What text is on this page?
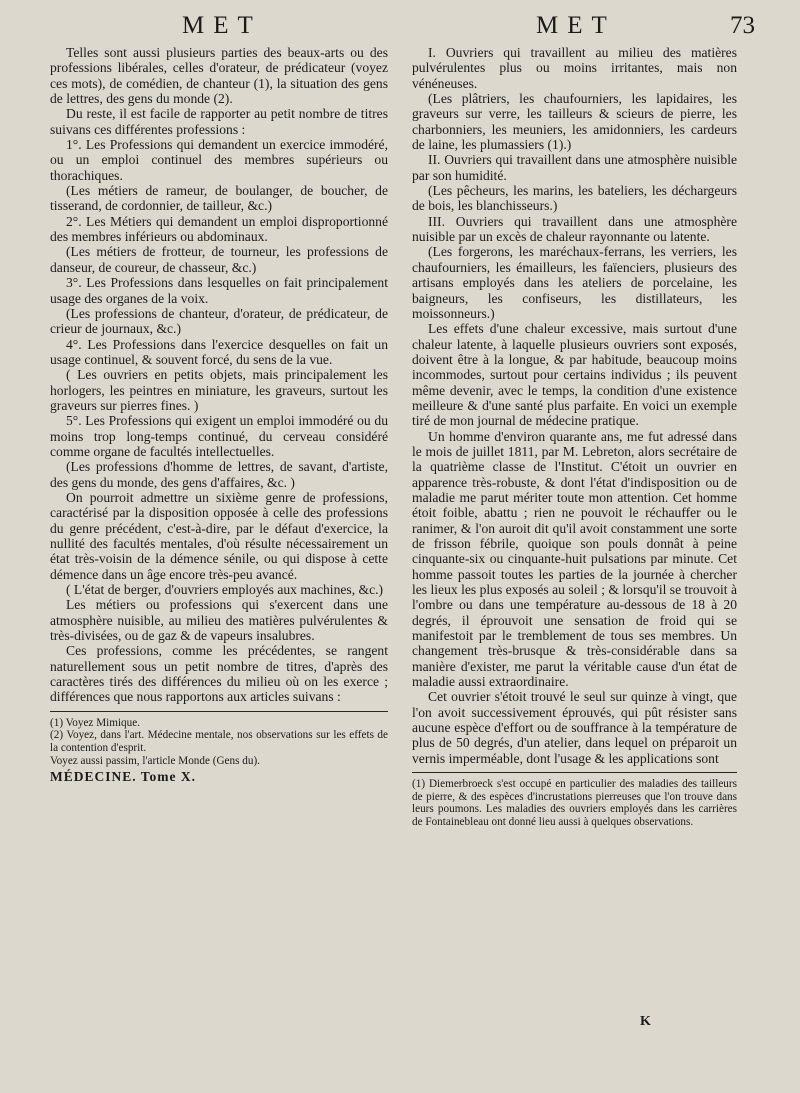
MET	MET	73

Telles sont aussi plusieurs parties des beaux-arts ou des professions libérales, celles d'orateur, de prédicateur (voyez ces mots), de comédien, de chanteur (1), la situation des gens de lettres, des gens du monde (2).

Du reste, il est facile de rapporter au petit nombre de titres suivans ces différentes professions :

1°. Les Professions qui demandent un exercice immodéré, ou un emploi continuel des membres supérieurs ou thorachiques.

(Les métiers de rameur, de boulanger, de boucher, de tisserand, de cordonnier, de tailleur, &c.)

2°. Les Métiers qui demandent un emploi disproportionné des membres inférieurs ou abdominaux.

(Les métiers de frotteur, de tourneur, les professions de danseur, de coureur, de chasseur, &c.)

3°. Les Professions dans lesquelles on fait principalement usage des organes de la voix.

(Les professions de chanteur, d'orateur, de prédicateur, de crieur de journaux, &c.)

4°. Les Professions dans l'exercice desquelles on fait un usage continuel, & souvent forcé, du sens de la vue.

( Les ouvriers en petits objets, mais principalement les horlogers, les peintres en miniature, les graveurs, surtout les graveurs sur pierres fines. )

5°. Les Professions qui exigent un emploi immodéré ou du moins trop long-temps continué, du cerveau considéré comme organe de facultés intellectuelles.

(Les professions d'homme de lettres, de savant, d'artiste, des gens du monde, des gens d'affaires, &c. )

On pourroit admettre un sixième genre de professions, caractérisé par la disposition opposée à celle des professions du genre précédent, c'est-à-dire, par le défaut d'exercice, la nullité des facultés mentales, d'où résulte nécessairement un état très-voisin de la démence sénile, ou qui dispose à cette démence dans un âge encore très-peu avancé.

( L'état de berger, d'ouvriers employés aux machines, &c.)

Les métiers ou professions qui s'exercent dans une atmosphère nuisible, au milieu des matières pulvérulentes & très-divisées, ou de gaz & de vapeurs insalubres.

Ces professions, comme les précédentes, se rangent naturellement sous un petit nombre de titres, d'après des caractères tirés des différences du milieu où on les exerce ; différences que nous rapportons aux articles suivans :

(1) Voyez Mimique.

(2) Voyez, dans l'art. Médecine mentale, nos observations sur les effets de la contention d'esprit.

Voyez aussi passim, l'article Monde (Gens du).

MÉDECINE. Tome X.

I. Ouvriers qui travaillent au milieu des matières pulvérulentes plus ou moins irritantes, mais non vénéneuses.

(Les plâtriers, les chaufourniers, les lapidaires, les graveurs sur verre, les tailleurs & scieurs de pierre, les charbonniers, les meuniers, les amidonniers, les cardeurs de laine, les plumassiers (1).)

II. Ouvriers qui travaillent dans une atmosphère nuisible par son humidité.

(Les pêcheurs, les marins, les bateliers, les déchargeurs de bois, les blanchisseurs.)

III. Ouvriers qui travaillent dans une atmosphère nuisible par un excès de chaleur rayonnante ou latente.

(Les forgerons, les maréchaux-ferrans, les verriers, les chaufourniers, les émailleurs, les faïenciers, plusieurs des artisans employés dans les ateliers de porcelaine, les baigneurs, les confiseurs, les distillateurs, les moissonneurs.)

Les effets d'une chaleur excessive, mais surtout d'une chaleur latente, à laquelle plusieurs ouvriers sont exposés, doivent être à la longue, & par habitude, beaucoup moins incommodes, surtout pour certains individus ; ils peuvent même devenir, avec le temps, la condition d'une existence meilleure & d'une santé plus parfaite. En voici un exemple tiré de mon journal de médecine pratique.

Un homme d'environ quarante ans, me fut adressé dans le mois de juillet 1811, par M. Lebreton, alors secrétaire de la quatrième classe de l'Institut. C'étoit un ouvrier en apparence très-robuste, & dont l'état d'indisposition ou de maladie me parut mériter toute mon attention. Cet homme étoit foible, abattu ; rien ne pouvoit le réchauffer ou le ranimer, & l'on auroit dit qu'il avoit constamment une sorte de frisson fébrile, quoique son pouls donnât à peine cinquante-six ou cinquante-huit pulsations par minute. Cet homme passoit toutes les parties de la journée à chercher les lieux les plus exposés au soleil ; & lorsqu'il se trouvoit à l'ombre ou dans une température au-dessous de 18 à 20 degrés, il éprouvoit une sensation de froid qui se manifestoit par le tremblement de tous ses membres. Un changement très-brusque & très-considérable dans sa manière d'exister, me parut la véritable cause d'un état de maladie aussi extraordinaire.

Cet ouvrier s'étoit trouvé le seul sur quinze à vingt, que l'on avoit successivement éprouvés, qui pût résister sans aucune espèce d'effort ou de souffrance à la température de plus de 50 degrés, d'un atelier, dans lequel on préparoit un vernis imperméable, dont l'usage & les applications sont

(1) Diemerbroeck s'est occupé en particulier des maladies des tailleurs de pierre, & des espèces d'incrustations pierreuses que l'on trouve dans leurs poumons. Les maladies des ouvriers employés dans les carrières de Fontainebleau ont donné lieu aussi à quelques observations.

K
